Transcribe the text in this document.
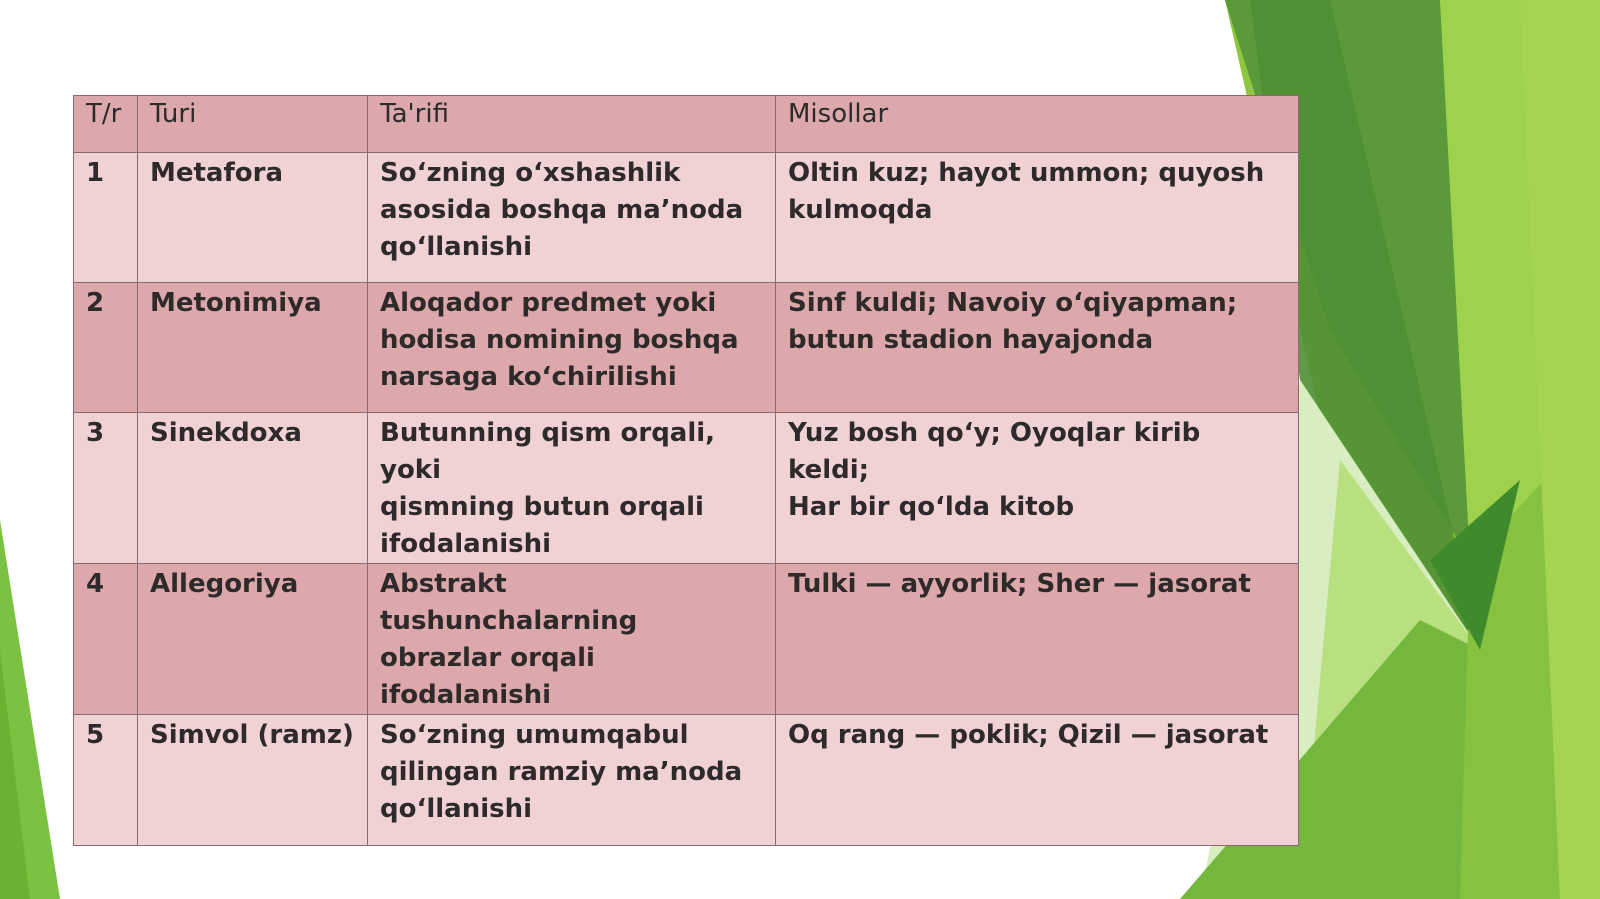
T/r	Turi	Ta'rifi	Misollar

1	Metafora	So‘zning o‘xshashlik
asosida boshqa ma’noda
qo‘llanishi	Oltin kuz; hayot ummon; quyosh
kulmoqda

2	Metonimiya	Aloqador predmet yoki
hodisa nomining boshqa
narsaga ko‘chirilishi	Sinf kuldi; Navoiy o‘qiyapman;
butun stadion hayajonda

3	Sinekdoxa	Butunning qism orqali, yoki
qismning butun orqali
ifodalanishi	Yuz bosh qo‘y; Oyoqlar kirib keldi;
Har bir qo‘lda kitob

4	Allegoriya	Abstrakt tushunchalarning
obrazlar orqali ifodalanishi	Tulki — ayyorlik; Sher — jasorat

5	Simvol (ramz)	So‘zning umumqabul
qilingan ramziy ma’noda
qo‘llanishi	Oq rang — poklik; Qizil — jasorat
